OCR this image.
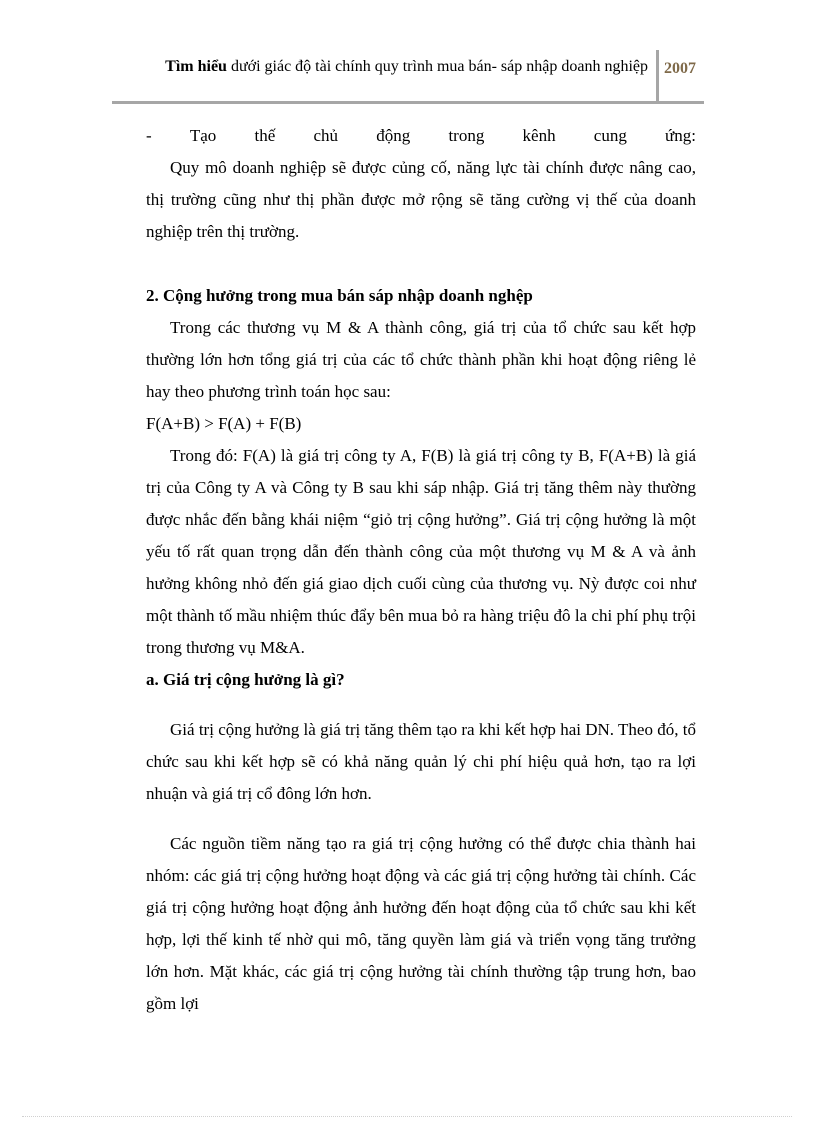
Tìm hiểu dưới giác độ tài chính quy trình mua bán- sáp nhập doanh nghiệp 2007
- Tạo thế chủ động trong kênh cung ứng:

Quy mô doanh nghiệp sẽ được củng cố, năng lực tài chính được nâng cao, thị trường cũng như thị phần được mở rộng sẽ tăng cường vị thế của doanh nghiệp trên thị trường.

2. Cộng hưởng trong mua bán sáp nhập doanh nghệp

Trong các thương vụ M & A thành công, giá trị của tổ chức sau kết hợp thường lớn hơn tổng giá trị của các tổ chức thành phần khi hoạt động riêng lẻ hay theo phương trình toán học sau:

F(A+B) > F(A) + F(B)

Trong đó: F(A) là giá trị công ty A, F(B) là giá trị công ty B, F(A+B) là giá trị của Công ty A và Công ty B sau khi sáp nhập. Giá trị tăng thêm này thường được nhắc đến bằng khái niệm “giỏ trị cộng hưởng”. Giá trị cộng hưởng là một yếu tố rất quan trọng dẫn đến thành công của một thương vụ M & A và ảnh hưởng không nhỏ đến giá giao dịch cuối cùng của thương vụ. Nỳ được coi như một thành tố mầu nhiệm thúc đẩy bên mua bỏ ra hàng triệu đô la chi phí phụ trội trong thương vụ M&A.

a. Giá trị cộng hưởng là gì?

Giá trị cộng hưởng là giá trị tăng thêm tạo ra khi kết hợp hai DN. Theo đó, tổ chức sau khi kết hợp sẽ có khả năng quản lý chi phí hiệu quả hơn, tạo ra lợi nhuận và giá trị cổ đông lớn hơn.

Các nguồn tiềm năng tạo ra giá trị cộng hưởng có thể được chia thành hai nhóm: các giá trị cộng hưởng hoạt động và các giá trị cộng hưởng tài chính. Các giá trị cộng hưởng hoạt động ảnh hưởng đến hoạt động của tổ chức sau khi kết hợp, lợi thế kinh tế nhờ qui mô, tăng quyền làm giá và triển vọng tăng trưởng lớn hơn. Mặt khác, các giá trị cộng hưởng tài chính thường tập trung hơn, bao gồm lợi
